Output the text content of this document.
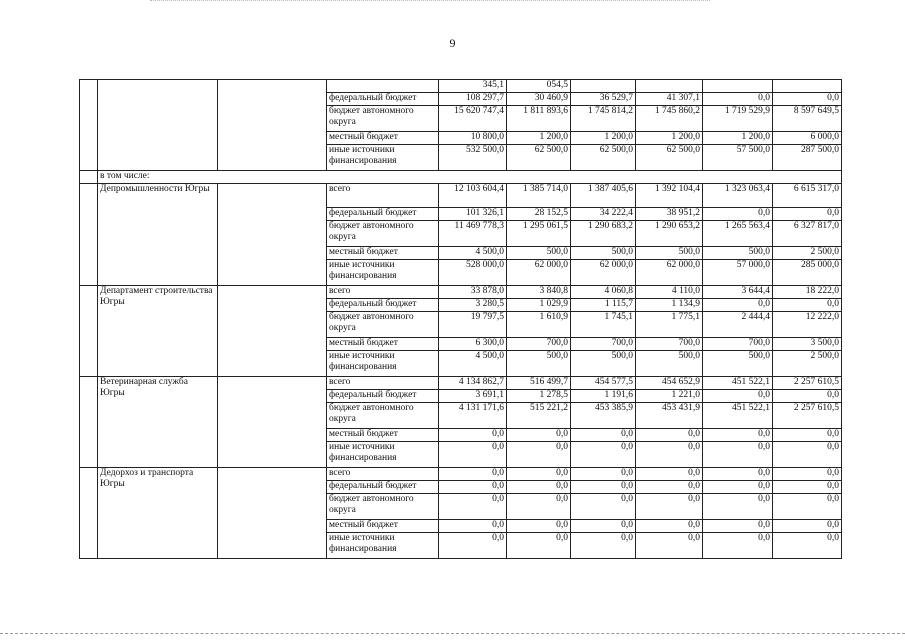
9
				345,1	054,5				
			федеральный бюджет	108 297,7	30 460,9	36 529,7	41 307,1	0,0	0,0
			бюджет автономного округа	15 620 747,4	1 811 893,6	1 745 814,2	1 745 860,2	1 719 529,9	8 597 649,5
			местный бюджет	10 800,0	1 200,0	1 200,0	1 200,0	1 200,0	6 000,0
			иные источники финансирования	532 500,0	62 500,0	62 500,0	62 500,0	57 500,0	287 500,0
	в том числе:								
	Депромышленности Югры		всего	12 103 604,4	1 385 714,0	1 387 405,6	1 392 104,4	1 323 063,4	6 615 317,0
			федеральный бюджет	101 326,1	28 152,5	34 222,4	38 951,2	0,0	0,0
			бюджет автономного округа	11 469 778,3	1 295 061,5	1 290 683,2	1 290 653,2	1 265 563,4	6 327 817,0
			местный бюджет	4 500,0	500,0	500,0	500,0	500,0	2 500,0
			иные источники финансирования	528 000,0	62 000,0	62 000,0	62 000,0	57 000,0	285 000,0
	Департамент строительства Югры		всего	33 878,0	3 840,8	4 060,8	4 110,0	3 644,4	18 222,0
			федеральный бюджет	3 280,5	1 029,9	1 115,7	1 134,9	0,0	0,0
			бюджет автономного округа	19 797,5	1 610,9	1 745,1	1 775,1	2 444,4	12 222,0
			местный бюджет	6 300,0	700,0	700,0	700,0	700,0	3 500,0
			иные источники финансирования	4 500,0	500,0	500,0	500,0	500,0	2 500,0
	Ветеринарная служба Югры		всего	4 134 862,7	516 499,7	454 577,5	454 652,9	451 522,1	2 257 610,5
			федеральный бюджет	3 691,1	1 278,5	1 191,6	1 221,0	0,0	0,0
			бюджет автономного округа	4 131 171,6	515 221,2	453 385,9	453 431,9	451 522,1	2 257 610,5
			местный бюджет	0,0	0,0	0,0	0,0	0,0	0,0
			иные источники финансирования	0,0	0,0	0,0	0,0	0,0	0,0
	Дедорхоз и транспорта Югры		всего	0,0	0,0	0,0	0,0	0,0	0,0
			федеральный бюджет	0,0	0,0	0,0	0,0	0,0	0,0
			бюджет автономного округа	0,0	0,0	0,0	0,0	0,0	0,0
			местный бюджет	0,0	0,0	0,0	0,0	0,0	0,0
			иные источники финансирования	0,0	0,0	0,0	0,0	0,0	0,0
